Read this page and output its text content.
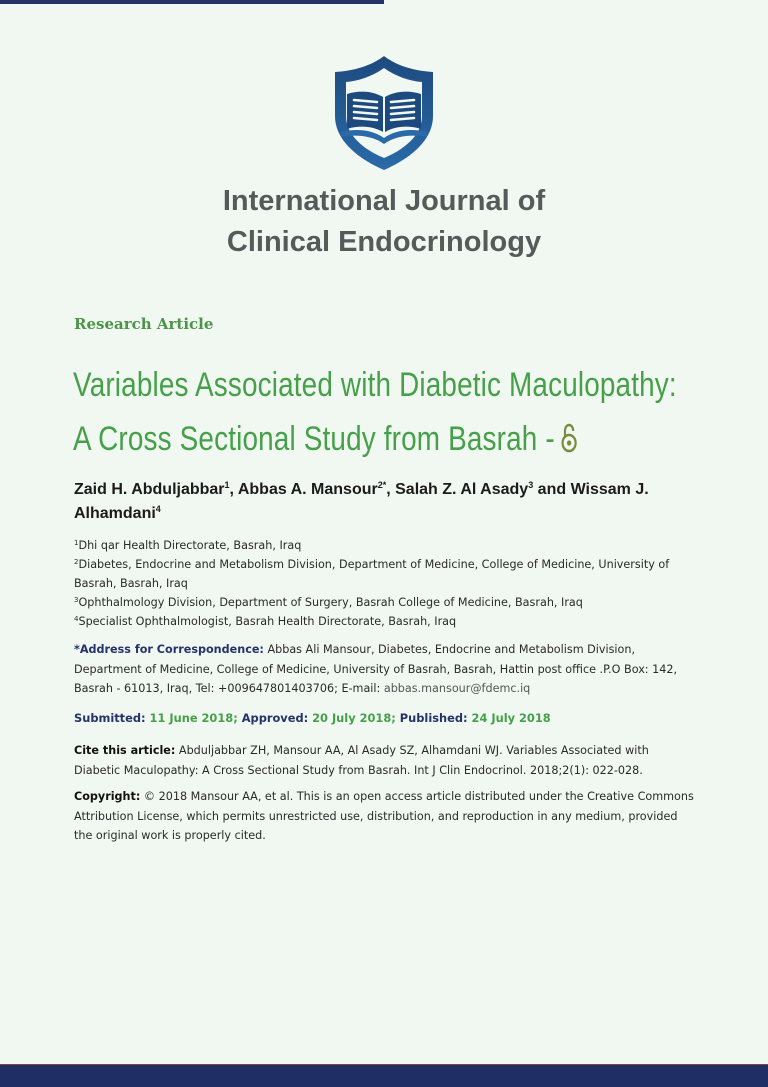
International Journal of
Clinical Endocrinology
Research Article
Variables Associated with Diabetic Maculopathy:
A Cross Sectional Study from Basrah -
Zaid H. Abduljabbar$^1$, Abbas A. Mansour$^{2*}$, Salah Z. Al Asady$^3$ and Wissam J. Alhamdani$^4$
$^1$Dhi qar Health Directorate, Basrah, Iraq
$^2$Diabetes, Endocrine and Metabolism Division, Department of Medicine, College of Medicine, University of Basrah, Basrah, Iraq
$^3$Ophthalmology Division, Department of Surgery, Basrah College of Medicine, Basrah, Iraq
$^4$Specialist Ophthalmologist, Basrah Health Directorate, Basrah, Iraq
*Address for Correspondence: Abbas Ali Mansour, Diabetes, Endocrine and Metabolism Division, Department of Medicine, College of Medicine, University of Basrah, Basrah, Hattin post office .P.O Box: 142, Basrah - 61013, Iraq, Tel: +009647801403706; E-mail: abbas.mansour@fdemc.iq
Submitted: 11 June 2018; Approved: 20 July 2018; Published: 24 July 2018
Cite this article: Abduljabbar ZH, Mansour AA, Al Asady SZ, Alhamdani WJ. Variables Associated with Diabetic Maculopathy: A Cross Sectional Study from Basrah. Int J Clin Endocrinol. 2018;2(1): 022-028.
Copyright: © 2018 Mansour AA, et al. This is an open access article distributed under the Creative Commons Attribution License, which permits unrestricted use, distribution, and reproduction in any medium, provided the original work is properly cited.
